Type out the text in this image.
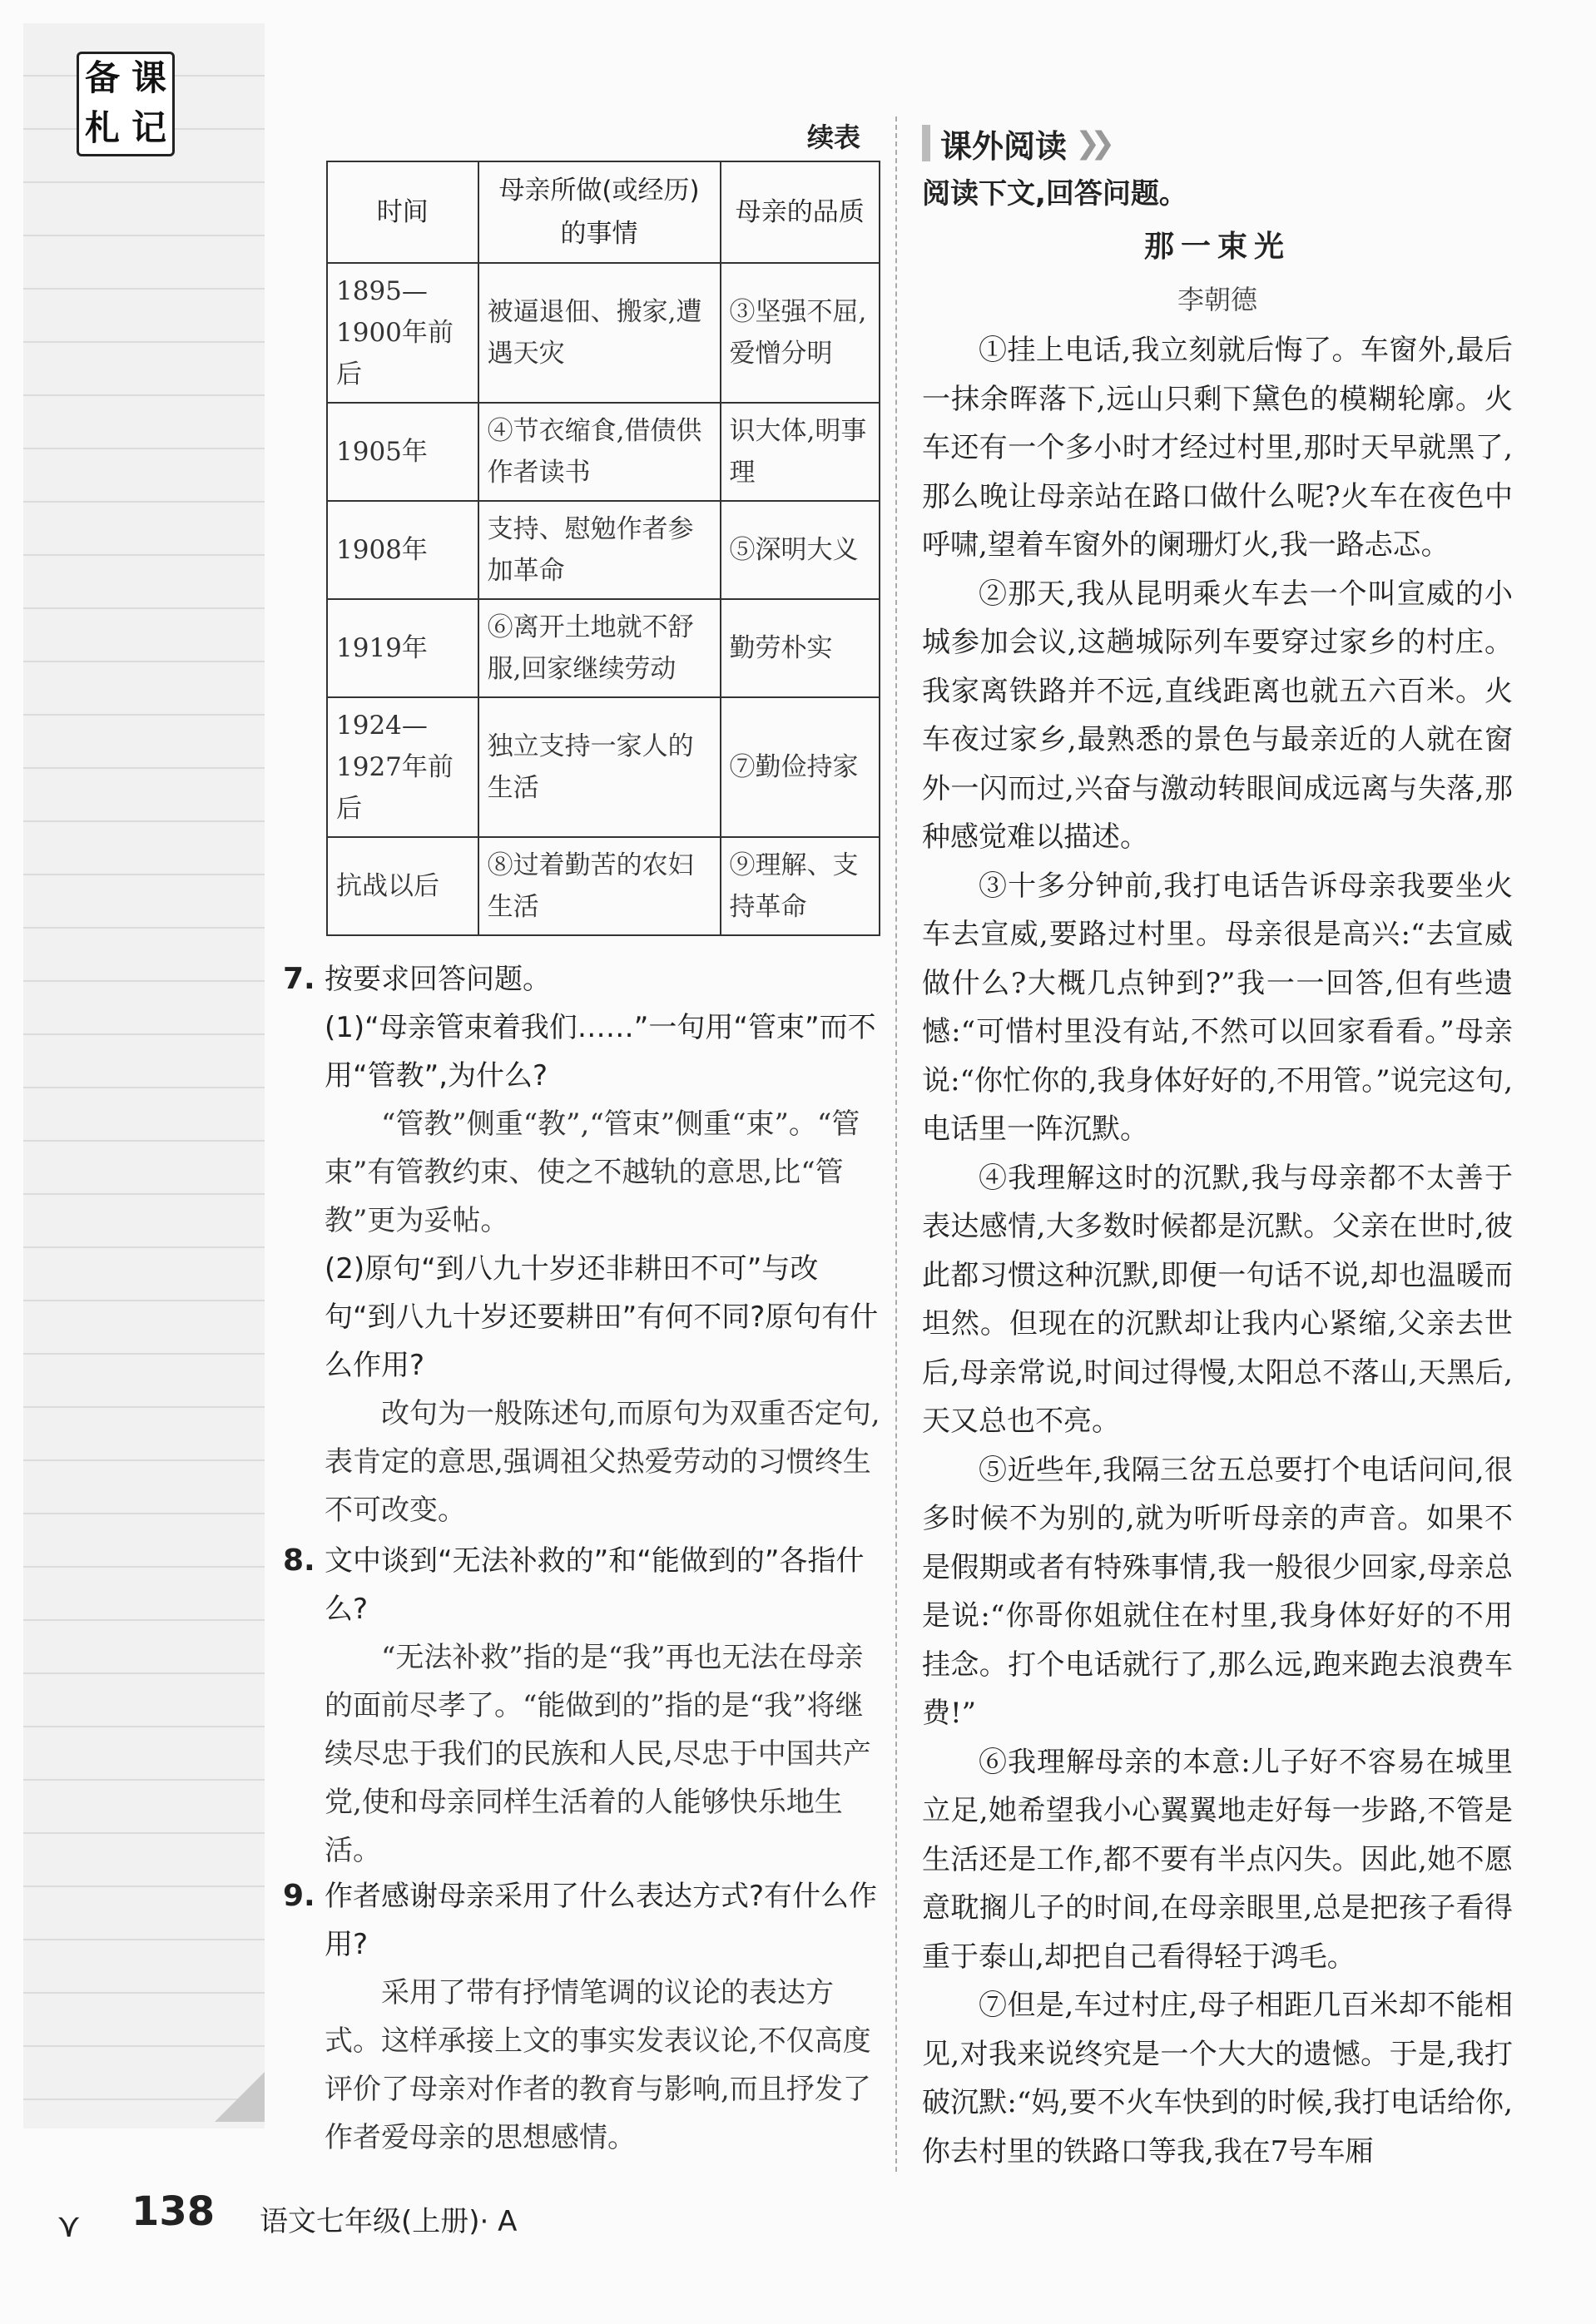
备 课
札 记	续表
时间	母亲所做(或经历)的事情	母亲的品质
1895—1900年前后	被逼退佃、搬家,遭遇天灾	③坚强不屈,爱憎分明
1905年	④节衣缩食,借债供作者读书	识大体,明事理
1908年	支持、慰勉作者参加革命	⑤深明大义
1919年	⑥离开土地就不舒服,回家继续劳动	勤劳朴实
1924—1927年前后	独立支持一家人的生活	⑦勤俭持家
抗战以后	⑧过着勤苦的农妇生活	⑨理解、支持革命
7. 按要求回答问题。
(1)“母亲管束着我们……”一句用“管束”而不用“管教”,为什么?
“管教”侧重“教”,“管束”侧重“束”。“管束”有管教约束、使之不越轨的意思,比“管教”更为妥帖。
(2)原句“到八九十岁还非耕田不可”与改句“到八九十岁还要耕田”有何不同?原句有什么作用?
改句为一般陈述句,而原句为双重否定句,表肯定的意思,强调祖父热爱劳动的习惯终生不可改变。
8. 文中谈到“无法补救的”和“能做到的”各指什么?
“无法补救”指的是“我”再也无法在母亲的面前尽孝了。“能做到的”指的是“我”将继续尽忠于我们的民族和人民,尽忠于中国共产党,使和母亲同样生活着的人能够快乐地生活。
9. 作者感谢母亲采用了什么表达方式?有什么作用?
采用了带有抒情笔调的议论的表达方式。这样承接上文的事实发表议论,不仅高度评价了母亲对作者的教育与影响,而且抒发了作者爱母亲的思想感情。
课外阅读 ❯❯
阅读下文,回答问题。
那一束光
李朝德

①挂上电话,我立刻就后悔了。车窗外,最后一抹余晖落下,远山只剩下黛色的模糊轮廓。火车还有一个多小时才经过村里,那时天早就黑了,那么晚让母亲站在路口做什么呢?火车在夜色中呼啸,望着车窗外的阑珊灯火,我一路忐忑。

②那天,我从昆明乘火车去一个叫宣威的小城参加会议,这趟城际列车要穿过家乡的村庄。我家离铁路并不远,直线距离也就五六百米。火车夜过家乡,最熟悉的景色与最亲近的人就在窗外一闪而过,兴奋与激动转眼间成远离与失落,那种感觉难以描述。

③十多分钟前,我打电话告诉母亲我要坐火车去宣威,要路过村里。母亲很是高兴:“去宣威做什么?大概几点钟到?”我一一回答,但有些遗憾:“可惜村里没有站,不然可以回家看看。”母亲说:“你忙你的,我身体好好的,不用管。”说完这句,电话里一阵沉默。

④我理解这时的沉默,我与母亲都不太善于表达感情,大多数时候都是沉默。父亲在世时,彼此都习惯这种沉默,即便一句话不说,却也温暖而坦然。但现在的沉默却让我内心紧缩,父亲去世后,母亲常说,时间过得慢,太阳总不落山,天黑后,天又总也不亮。

⑤近些年,我隔三岔五总要打个电话问问,很多时候不为别的,就为听听母亲的声音。如果不是假期或者有特殊事情,我一般很少回家,母亲总是说:“你哥你姐就住在村里,我身体好好的不用挂念。打个电话就行了,那么远,跑来跑去浪费车费!”

⑥我理解母亲的本意:儿子好不容易在城里立足,她希望我小心翼翼地走好每一步路,不管是生活还是工作,都不要有半点闪失。因此,她不愿意耽搁儿子的时间,在母亲眼里,总是把孩子看得重于泰山,却把自己看得轻于鸿毛。

⑦但是,车过村庄,母子相距几百米却不能相见,对我来说终究是一个大大的遗憾。于是,我打破沉默:“妈,要不火车快到的时候,我打电话给你,你去村里的铁路口等我,我在7号车厢

⋎ 138 语文七年级(上册)· A
